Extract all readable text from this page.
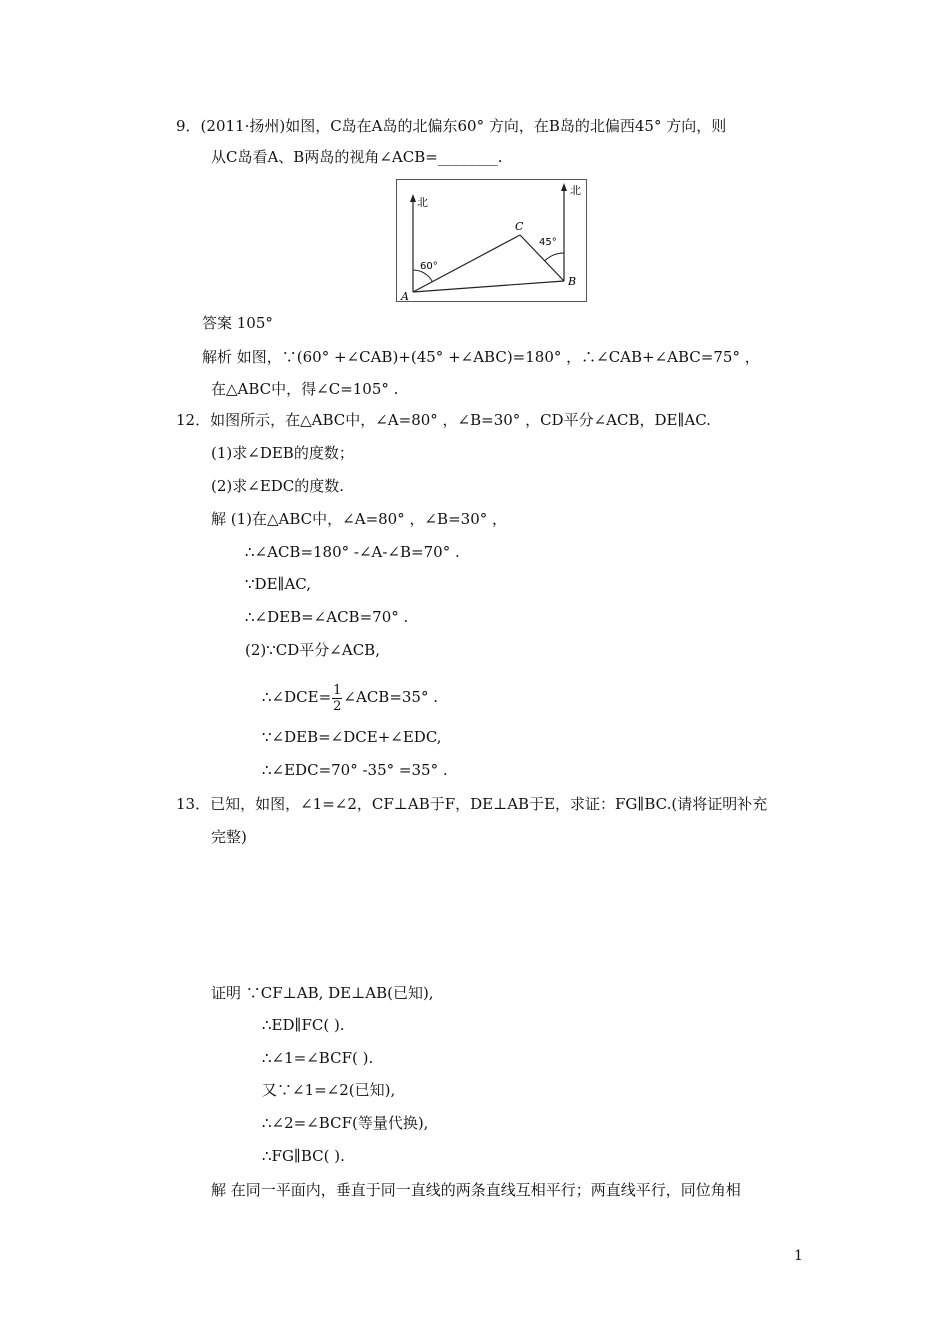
9．(2011·扬州)如图，C岛在A岛的北偏东60° 方向，在B岛的北偏西45° 方向，则
从C岛看A、B两岛的视角∠ACB=________.
北
北
60°
45°
A
B
C
答案 105°
解析 如图，∵(60° +∠CAB)+(45° +∠ABC)=180° ，∴∠CAB+∠ABC=75° ，
在△ABC中，得∠C=105° .
12．如图所示，在△ABC中，∠A=80° ，∠B=30° ，CD平分∠ACB，DE∥AC.
(1)求∠DEB的度数；
(2)求∠EDC的度数.
解 (1)在△ABC中，∠A=80° ，∠B=30° ，
∴∠ACB=180° -∠A-∠B=70° .
∵DE∥AC,
∴∠DEB=∠ACB=70° .
(2)∵CD平分∠ACB,
∴∠DCE= $\frac{1}{2}$ ∠ACB=35° .
∵∠DEB=∠DCE+∠EDC,
∴∠EDC=70° -35° =35° .
13．已知，如图，∠1=∠2，CF⊥AB于F，DE⊥AB于E，求证：FG∥BC.(请将证明补充
完整)
证明 ∵CF⊥AB, DE⊥AB(已知),
∴ED∥FC( ).
∴∠1=∠BCF( ).
又∵∠1=∠2(已知),
∴∠2=∠BCF(等量代换),
∴FG∥BC( ).
解 在同一平面内，垂直于同一直线的两条直线互相平行；两直线平行，同位角相
1
